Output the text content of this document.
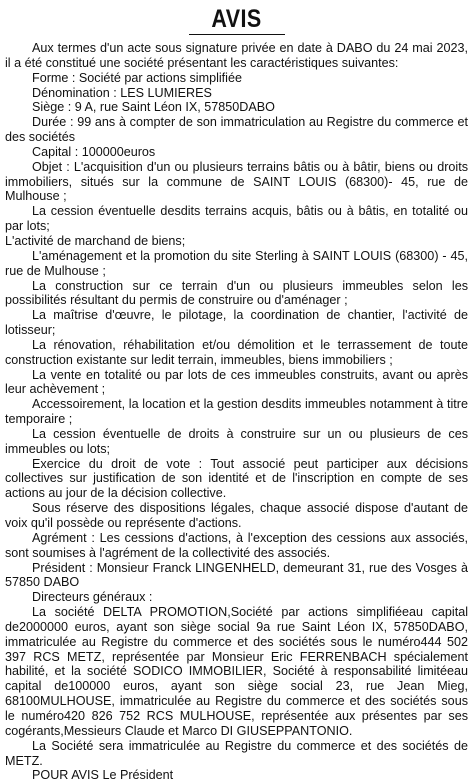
AVIS

Aux termes d'un acte sous signature privée en date à DABO du 24 mai 2023, il a été constitué une société présentant les caractéristiques suivantes:

Forme : Société par actions simplifiée

Dénomination : LES LUMIERES

Siège : 9 A, rue Saint Léon IX, 57850DABO

Durée : 99 ans à compter de son immatriculation au Registre du commerce et des sociétés

Capital : 100000euros

Objet : L'acquisition d'un ou plusieurs terrains bâtis ou à bâtir, biens ou droits immobiliers, situés sur la commune de SAINT LOUIS (68300)- 45, rue de Mulhouse ;

La cession éventuelle desdits terrains acquis, bâtis ou à bâtis, en totalité ou par lots;

L'activité de marchand de biens;

L'aménagement et la promotion du site Sterling à SAINT LOUIS (68300) - 45, rue de Mulhouse ;

La construction sur ce terrain d'un ou plusieurs immeubles selon les possibilités résultant du permis de construire ou d'aménager ;

La maîtrise d'œuvre, le pilotage, la coordination de chantier, l'activité de lotisseur;

La rénovation, réhabilitation et/ou démolition et le terrassement de toute construction existante sur ledit terrain, immeubles, biens immobiliers ;

La vente en totalité ou par lots de ces immeubles construits, avant ou après leur achèvement ;

Accessoirement, la location et la gestion desdits immeubles notamment à titre temporaire ;

La cession éventuelle de droits à construire sur un ou plusieurs de ces immeubles ou lots;

Exercice du droit de vote : Tout associé peut participer aux décisions collectives sur justification de son identité et de l'inscription en compte de ses actions au jour de la décision collective.

Sous réserve des dispositions légales, chaque associé dispose d'autant de voix qu'il possède ou représente d'actions.

Agrément : Les cessions d'actions, à l'exception des cessions aux associés, sont soumises à l'agrément de la collectivité des associés.

Président : Monsieur Franck LINGENHELD, demeurant 31, rue des Vosges à 57850 DABO

Directeurs généraux :

La société DELTA PROMOTION,Société par actions simplifiéeau capital de2000000 euros, ayant son siège social 9a rue Saint Léon IX, 57850DABO, immatriculée au Registre du commerce et des sociétés sous le numéro444 502 397 RCS METZ, représentée par Monsieur Eric FERRENBACH spécialement habilité, et la société SODICO IMMOBILIER, Société à responsabilité limitéeau capital de100000 euros, ayant son siège social 23, rue Jean Mieg, 68100MULHOUSE, immatriculée au Registre du commerce et des sociétés sous le numéro420 826 752 RCS MULHOUSE, représentée aux présentes par ses cogérants,Messieurs Claude et Marco DI GIUSEPPANTONIO.

La Société sera immatriculée au Registre du commerce et des sociétés de METZ.

POUR AVIS Le Président
